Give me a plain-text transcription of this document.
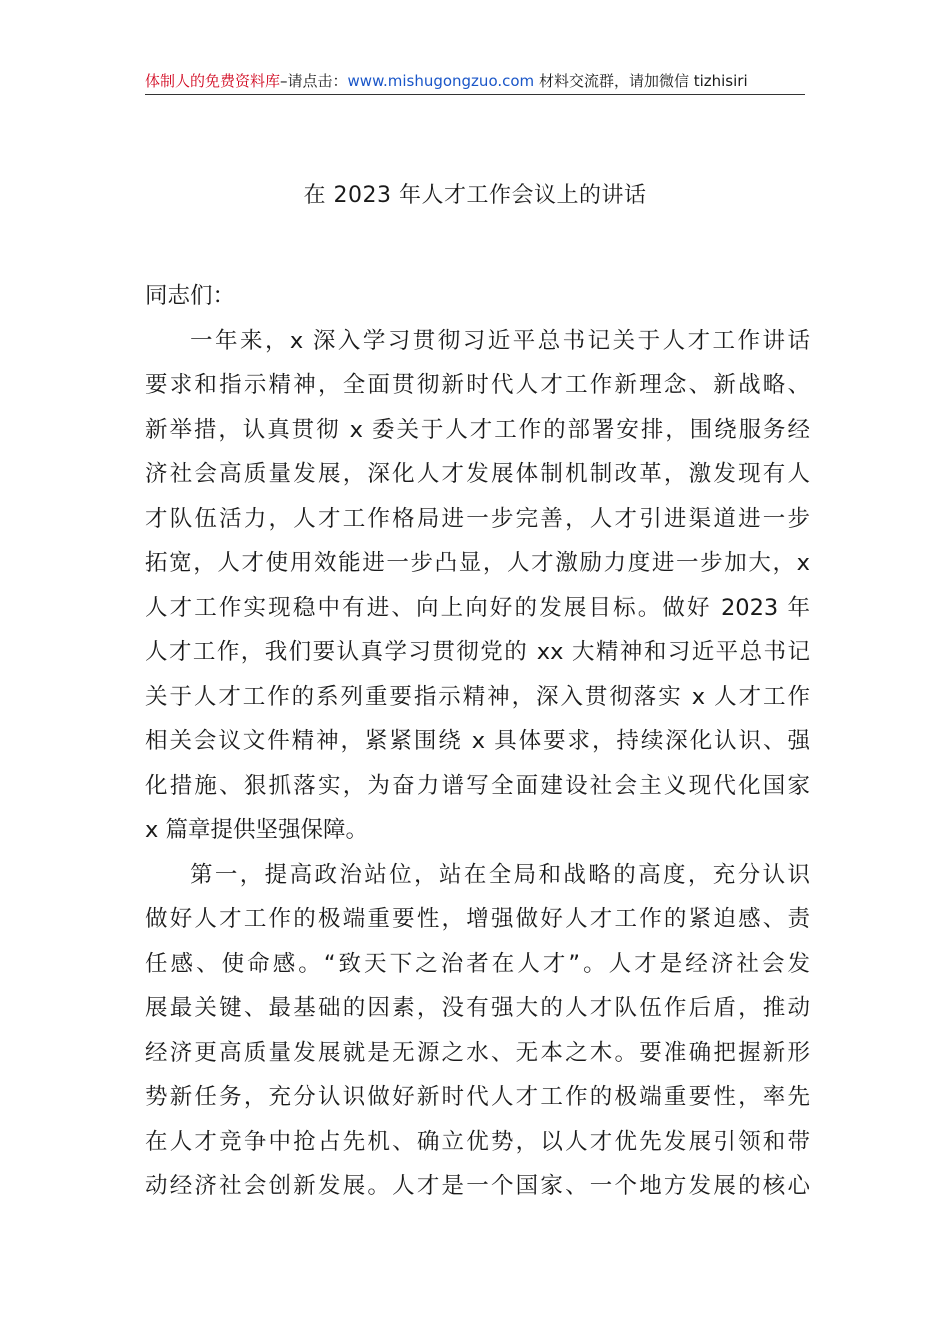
体制人的免费资料库–请点击：www.mishugongzuo.com 材料交流群，请加微信 tizhisiri
在 2023 年人才工作会议上的讲话
同志们：
一年来，x 深入学习贯彻习近平总书记关于人才工作讲话
要求和指示精神，全面贯彻新时代人才工作新理念、新战略、
新举措，认真贯彻 x 委关于人才工作的部署安排，围绕服务经
济社会高质量发展，深化人才发展体制机制改革，激发现有人
才队伍活力，人才工作格局进一步完善，人才引进渠道进一步
拓宽，人才使用效能进一步凸显，人才激励力度进一步加大，x
人才工作实现稳中有进、向上向好的发展目标。做好 2023 年
人才工作，我们要认真学习贯彻党的 xx 大精神和习近平总书记
关于人才工作的系列重要指示精神，深入贯彻落实 x 人才工作
相关会议文件精神，紧紧围绕 x 具体要求，持续深化认识、强
化措施、狠抓落实，为奋力谱写全面建设社会主义现代化国家
x 篇章提供坚强保障。
第一，提高政治站位，站在全局和战略的高度，充分认识
做好人才工作的极端重要性，增强做好人才工作的紧迫感、责
任感、使命感。“致天下之治者在人才”。人才是经济社会发
展最关键、最基础的因素，没有强大的人才队伍作后盾，推动
经济更高质量发展就是无源之水、无本之木。要准确把握新形
势新任务，充分认识做好新时代人才工作的极端重要性，率先
在人才竞争中抢占先机、确立优势，以人才优先发展引领和带
动经济社会创新发展。人才是一个国家、一个地方发展的核心
